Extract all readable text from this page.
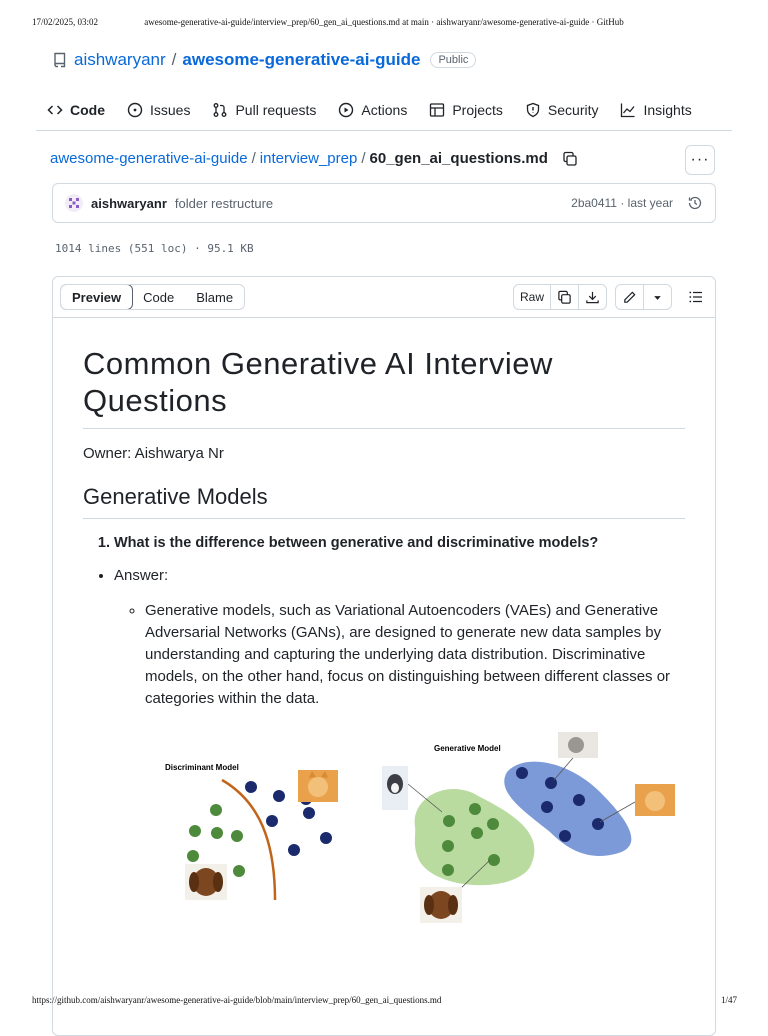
17/02/2025, 03:02	awesome-generative-ai-guide/interview_prep/60_gen_ai_questions.md at main · aishwaryanr/awesome-generative-ai-guide · GitHub
aishwaryanr / awesome-generative-ai-guide	Public
Code	Issues	Pull requests	Actions	Projects	Security	Insights
awesome-generative-ai-guide / interview_prep / 60_gen_ai_questions.md	···
aishwaryanr folder restructure	2ba0411 · last year
1014 lines (551 loc) · 95.1 KB
Preview	Code	Blame	Raw
Common Generative AI Interview Questions

Owner: Aishwarya Nr

Generative Models
1. What is the difference between generative and discriminative models?
• Answer:
◦ Generative models, such as Variational Autoencoders (VAEs) and Generative Adversarial Networks (GANs), are designed to generate new data samples by understanding and capturing the underlying data distribution. Discriminative models, on the other hand, focus on distinguishing between different classes or categories within the data.
Discriminant Model
Generative Model
https://github.com/aishwaryanr/awesome-generative-ai-guide/blob/main/interview_prep/60_gen_ai_questions.md	1/47
